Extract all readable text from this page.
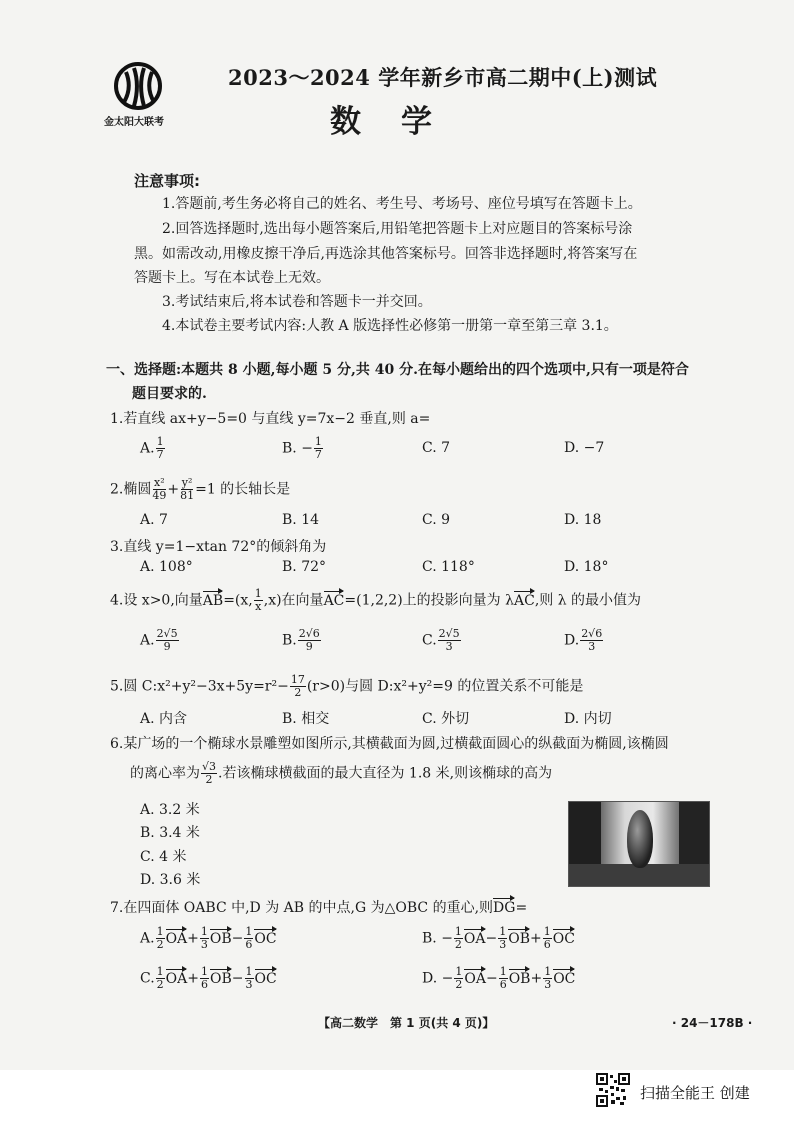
金太阳大联考
2023～2024 学年新乡市高二期中(上)测试
数学
注意事项:
1.答题前,考生务必将自己的姓名、考生号、考场号、座位号填写在答题卡上。
2.回答选择题时,选出每小题答案后,用铅笔把答题卡上对应题目的答案标号涂
黑。如需改动,用橡皮擦干净后,再选涂其他答案标号。回答非选择题时,将答案写在
答题卡上。写在本试卷上无效。
3.考试结束后,将本试卷和答题卡一并交回。
4.本试卷主要考试内容:人教 A 版选择性必修第一册第一章至第三章 3.1。
一、选择题:本题共 8 小题,每小题 5 分,共 40 分.在每小题给出的四个选项中,只有一项是符合
题目要求的.
1.若直线 ax+y−5=0 与直线 y=7x−2 垂直,则 a=
A. $\frac{1}{7}$	B. − $\frac{1}{7}$	C. 7	D. −7
2.椭圆 $\frac{\text{x²}}{49} + \frac{\text{y²}}{81} =1$ 的长轴长是
A. 7	B. 14	C. 9	D. 18
3.直线 y=1−xtan 72°的倾斜角为
A. 108°	B. 72°	C. 118°	D. 18°
4.设 x>0,向量AB=(x, $\frac{1}{x} ,x$)在向量AC=(1,2,2)上的投影向量为 λAC,则 λ 的最小值为
A. $\frac{2√5}{9}$	B. $\frac{2√6}{9}$	C. $\frac{2√5}{3}$	D. $\frac{2√6}{3}$
5.圆 C:x²+y²−3x+5y=r²− $\frac{17}{2} (r>0)$与圆 D:x²+y²=9 的位置关系不可能是
A. 内含	B. 相交	C. 外切	D. 内切
6.某广场的一个椭球水景雕塑如图所示,其横截面为圆,过横截面圆心的纵截面为椭圆,该椭圆
的离心率为 $\frac{√3}{2}$ .若该椭球横截面的最大直径为 1.8 米,则该椭球的高为
A. 3.2 米
B. 3.4 米
C. 4 米
D. 3.6 米
7.在四面体 OABC 中,D 为 AB 的中点,G 为△OBC 的重心,则DG=
A. $\frac{1}{2} OA+ \frac{1}{3} OB- \frac{1}{6}$ OC	B. − $\frac{1}{2} OA- \frac{1}{3} OB+ \frac{1}{6}$ OC
C. $\frac{1}{2} OA+ \frac{1}{6} OB- \frac{1}{3}$ OC	D. − $\frac{1}{2} OA- \frac{1}{6} OB+ \frac{1}{3}$ OC
【高二数学　第 1 页(共 4 页)】	· 24－178B ·
扫描全能王 创建
